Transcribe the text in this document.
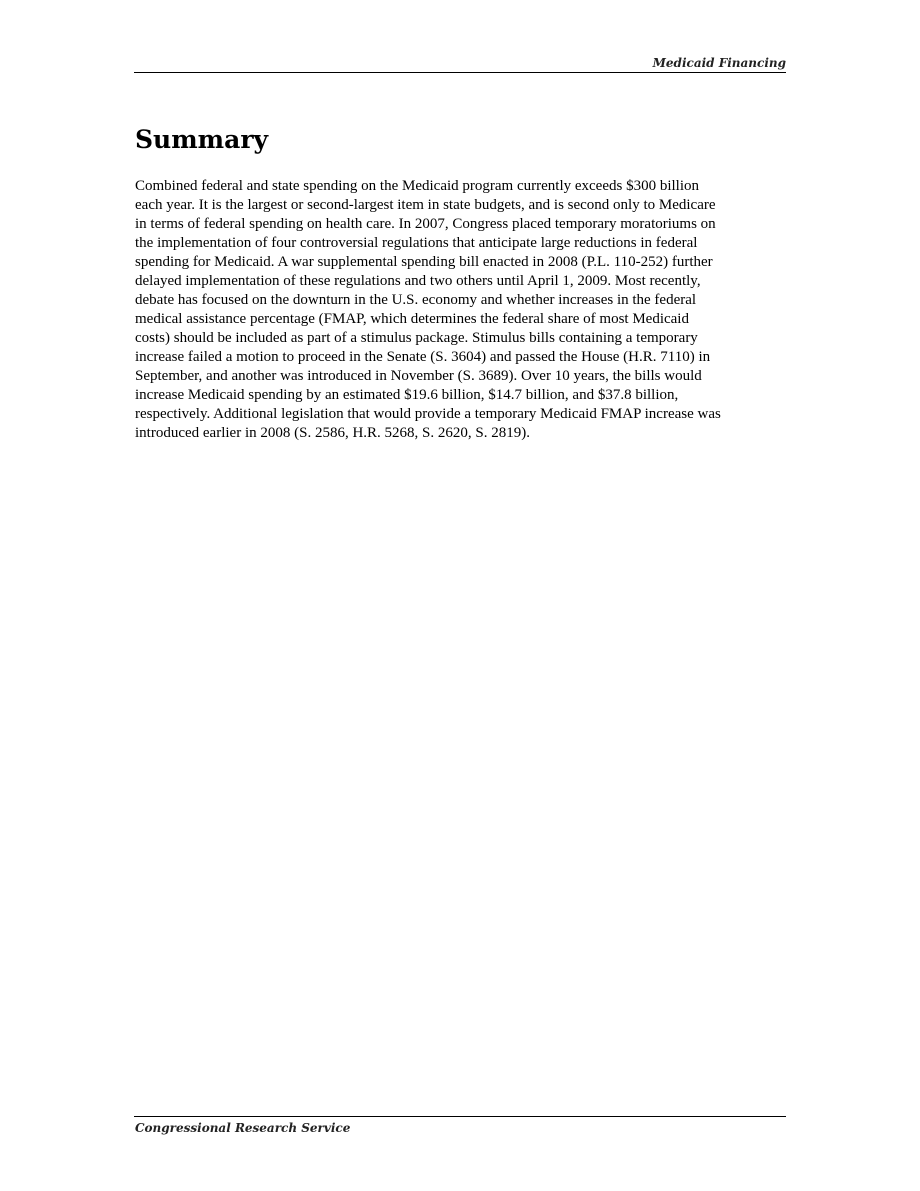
Medicaid Financing
Summary

Combined federal and state spending on the Medicaid program currently exceeds $300 billion
each year. It is the largest or second-largest item in state budgets, and is second only to Medicare
in terms of federal spending on health care. In 2007, Congress placed temporary moratoriums on
the implementation of four controversial regulations that anticipate large reductions in federal
spending for Medicaid. A war supplemental spending bill enacted in 2008 (P.L. 110-252) further
delayed implementation of these regulations and two others until April 1, 2009. Most recently,
debate has focused on the downturn in the U.S. economy and whether increases in the federal
medical assistance percentage (FMAP, which determines the federal share of most Medicaid
costs) should be included as part of a stimulus package. Stimulus bills containing a temporary
increase failed a motion to proceed in the Senate (S. 3604) and passed the House (H.R. 7110) in
September, and another was introduced in November (S. 3689). Over 10 years, the bills would
increase Medicaid spending by an estimated $19.6 billion, $14.7 billion, and $37.8 billion,
respectively. Additional legislation that would provide a temporary Medicaid FMAP increase was
introduced earlier in 2008 (S. 2586, H.R. 5268, S. 2620, S. 2819).

Congressional Research Service
